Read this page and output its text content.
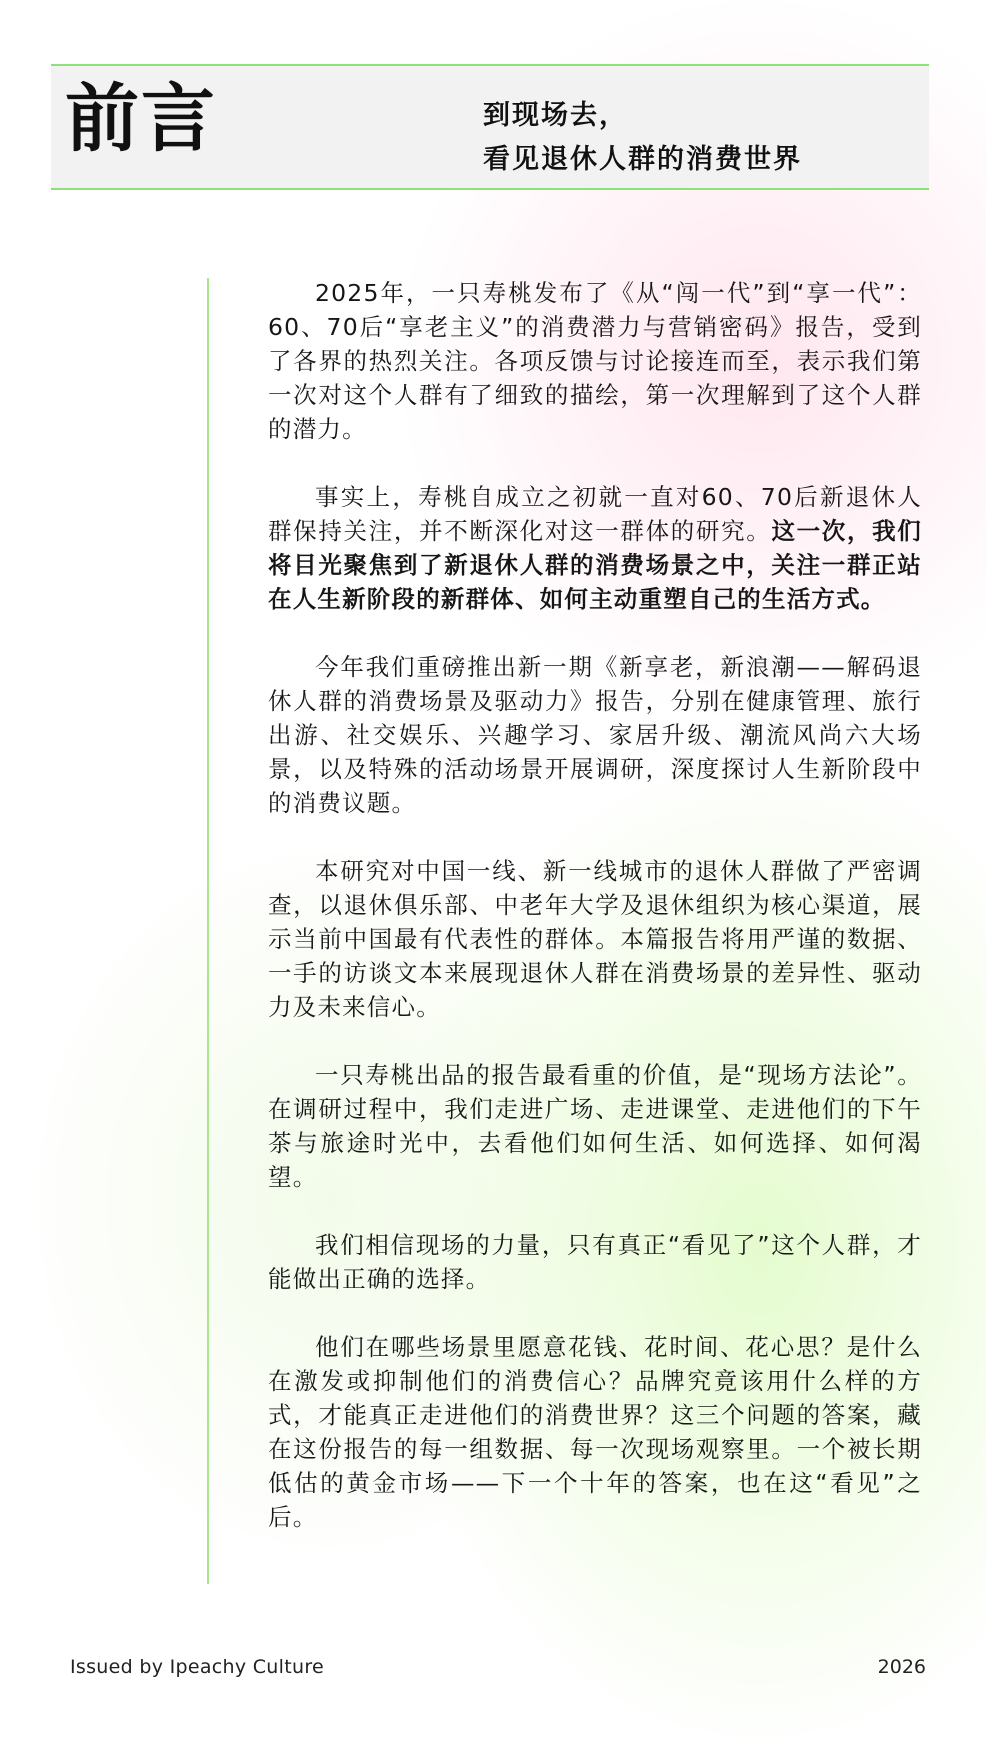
前言	到现场去，
看见退休人群的消费世界

2025年，一只寿桃发布了《从“闯一代”到“享一代”：60、70后“享老主义”的消费潜力与营销密码》报告，受到了各界的热烈关注。各项反馈与讨论接连而至，表示我们第一次对这个人群有了细致的描绘，第一次理解到了这个人群的潜力。

事实上，寿桃自成立之初就一直对60、70后新退休人群保持关注，并不断深化对这一群体的研究。这一次，我们将目光聚焦到了新退休人群的消费场景之中，关注一群正站在人生新阶段的新群体、如何主动重塑自己的生活方式。

今年我们重磅推出新一期《新享老，新浪潮——解码退休人群的消费场景及驱动力》报告，分别在健康管理、旅行出游、社交娱乐、兴趣学习、家居升级、潮流风尚六大场景，以及特殊的活动场景开展调研，深度探讨人生新阶段中的消费议题。

本研究对中国一线、新一线城市的退休人群做了严密调查，以退休俱乐部、中老年大学及退休组织为核心渠道，展示当前中国最有代表性的群体。本篇报告将用严谨的数据、一手的访谈文本来展现退休人群在消费场景的差异性、驱动力及未来信心。

一只寿桃出品的报告最看重的价值，是“现场方法论”。在调研过程中，我们走进广场、走进课堂、走进他们的下午茶与旅途时光中，去看他们如何生活、如何选择、如何渴望。

我们相信现场的力量，只有真正“看见了”这个人群，才能做出正确的选择。

他们在哪些场景里愿意花钱、花时间、花心思？是什么在激发或抑制他们的消费信心？品牌究竟该用什么样的方式，才能真正走进他们的消费世界？这三个问题的答案，藏在这份报告的每一组数据、每一次现场观察里。一个被长期低估的黄金市场——下一个十年的答案，也在这“看见”之后。

Issued by Ipeachy Culture	2026
